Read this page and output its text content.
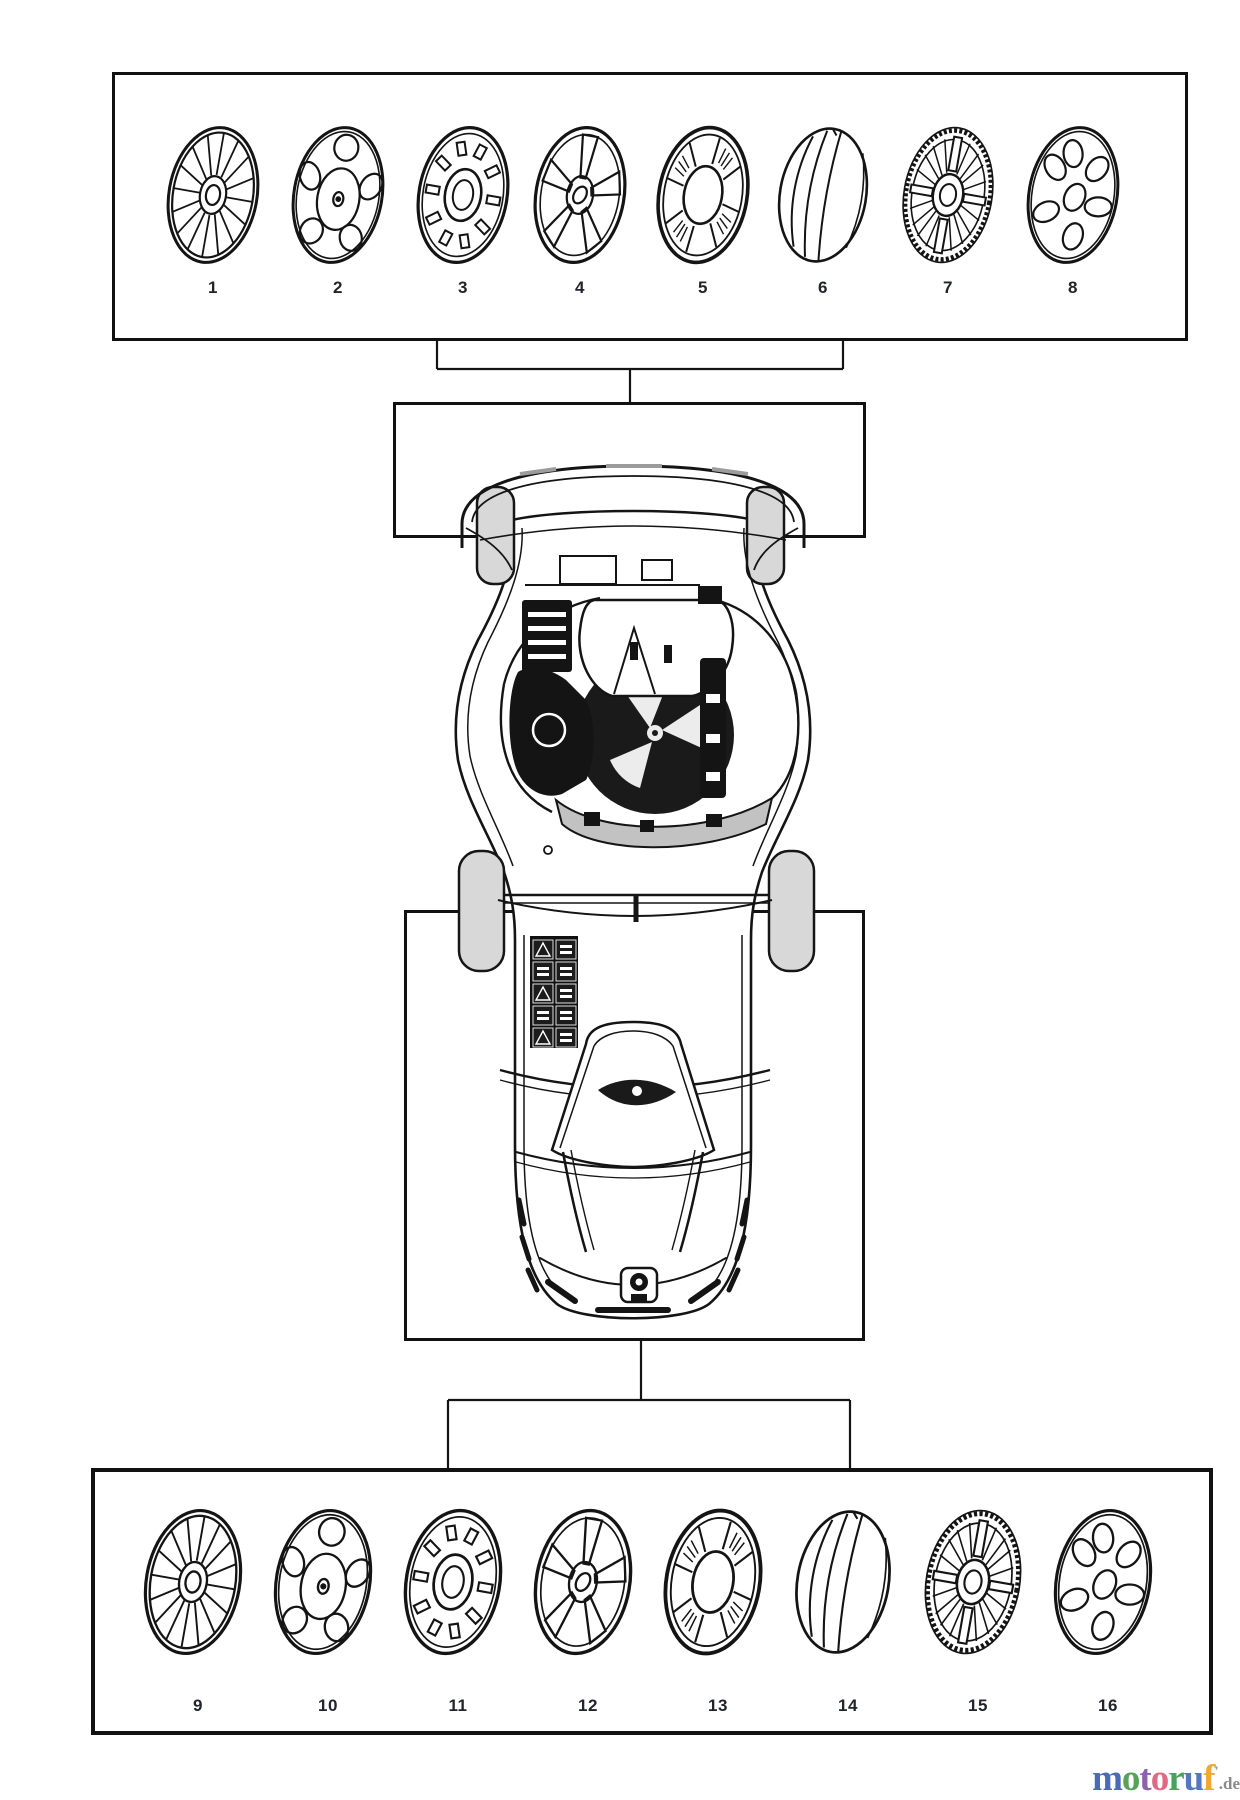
1	2	3	4	5	6	7	8
9	10	11	12	13	14	15	16
motoruf'.de
